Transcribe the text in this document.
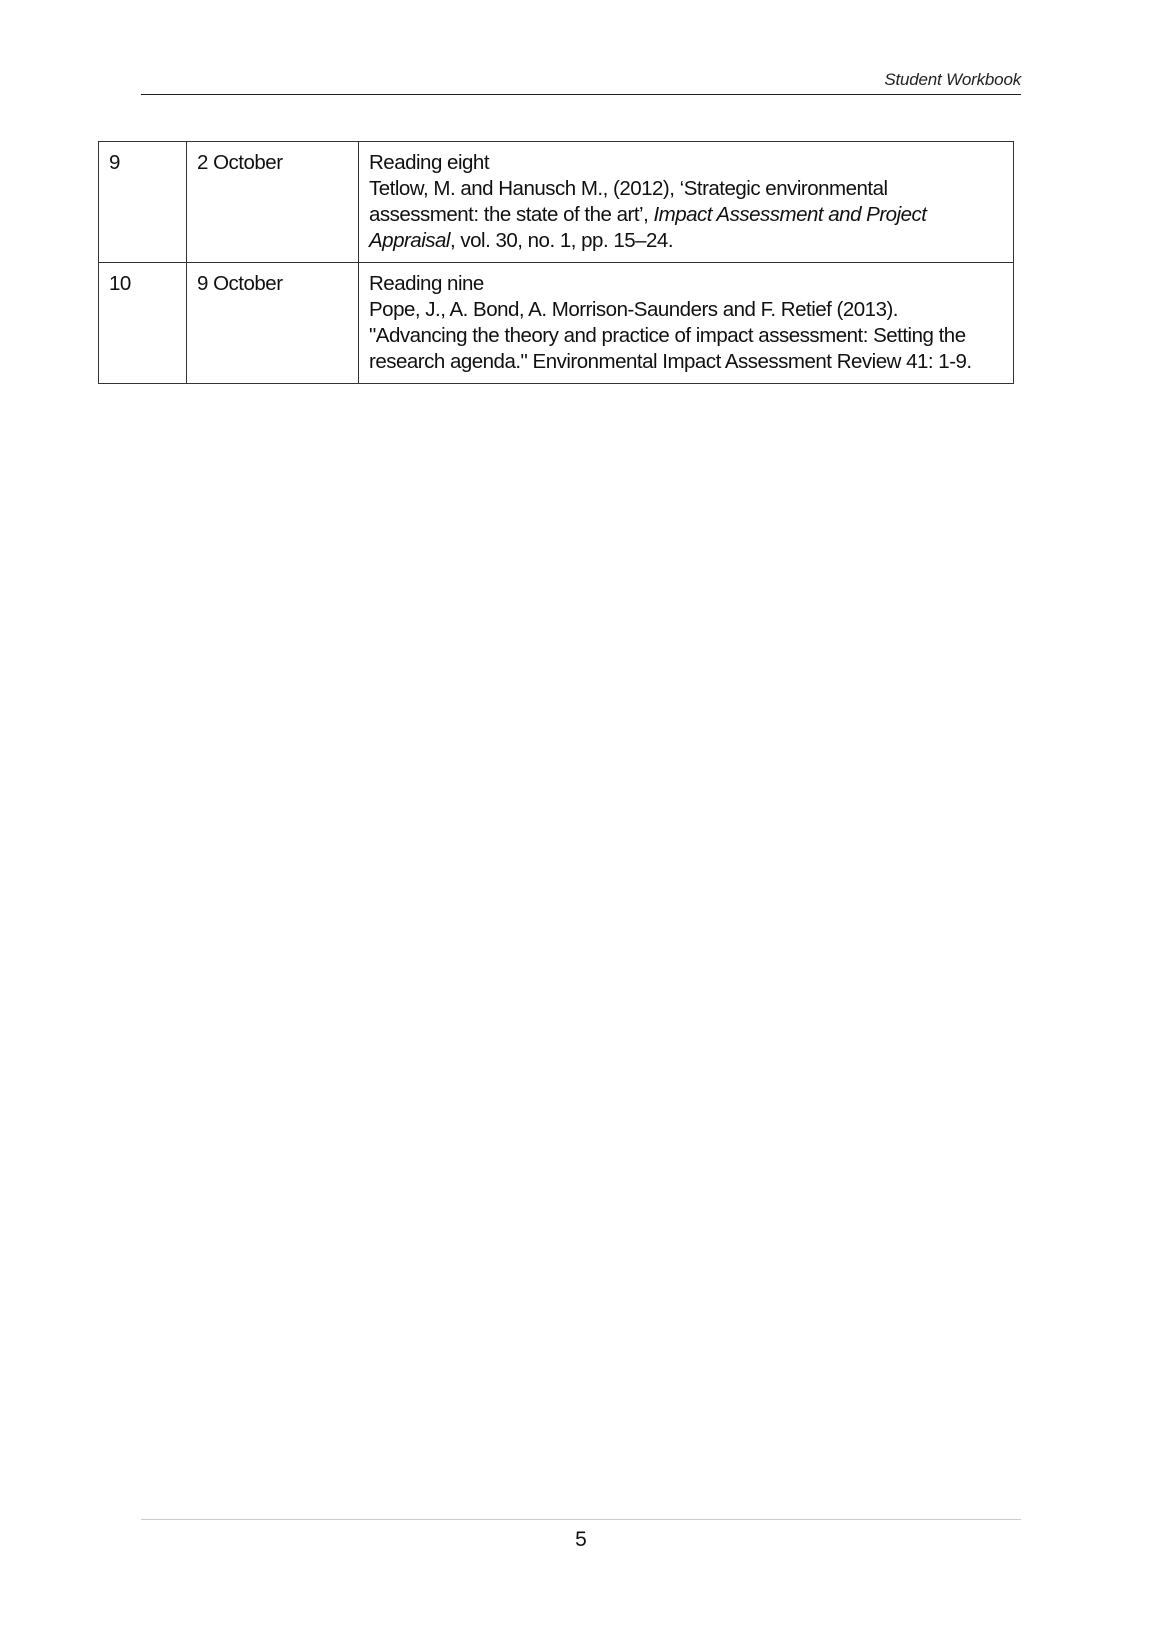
Student Workbook
9	2 October	Reading eight
Tetlow, M. and Hanusch M., (2012), ‘Strategic environmental
assessment: the state of the art’, Impact Assessment and Project
Appraisal, vol. 30, no. 1, pp. 15–24.

10	9 October	Reading nine
Pope, J., A. Bond, A. Morrison-Saunders and F. Retief (2013).
"Advancing the theory and practice of impact assessment: Setting the
research agenda." Environmental Impact Assessment Review 41: 1-9.
5
